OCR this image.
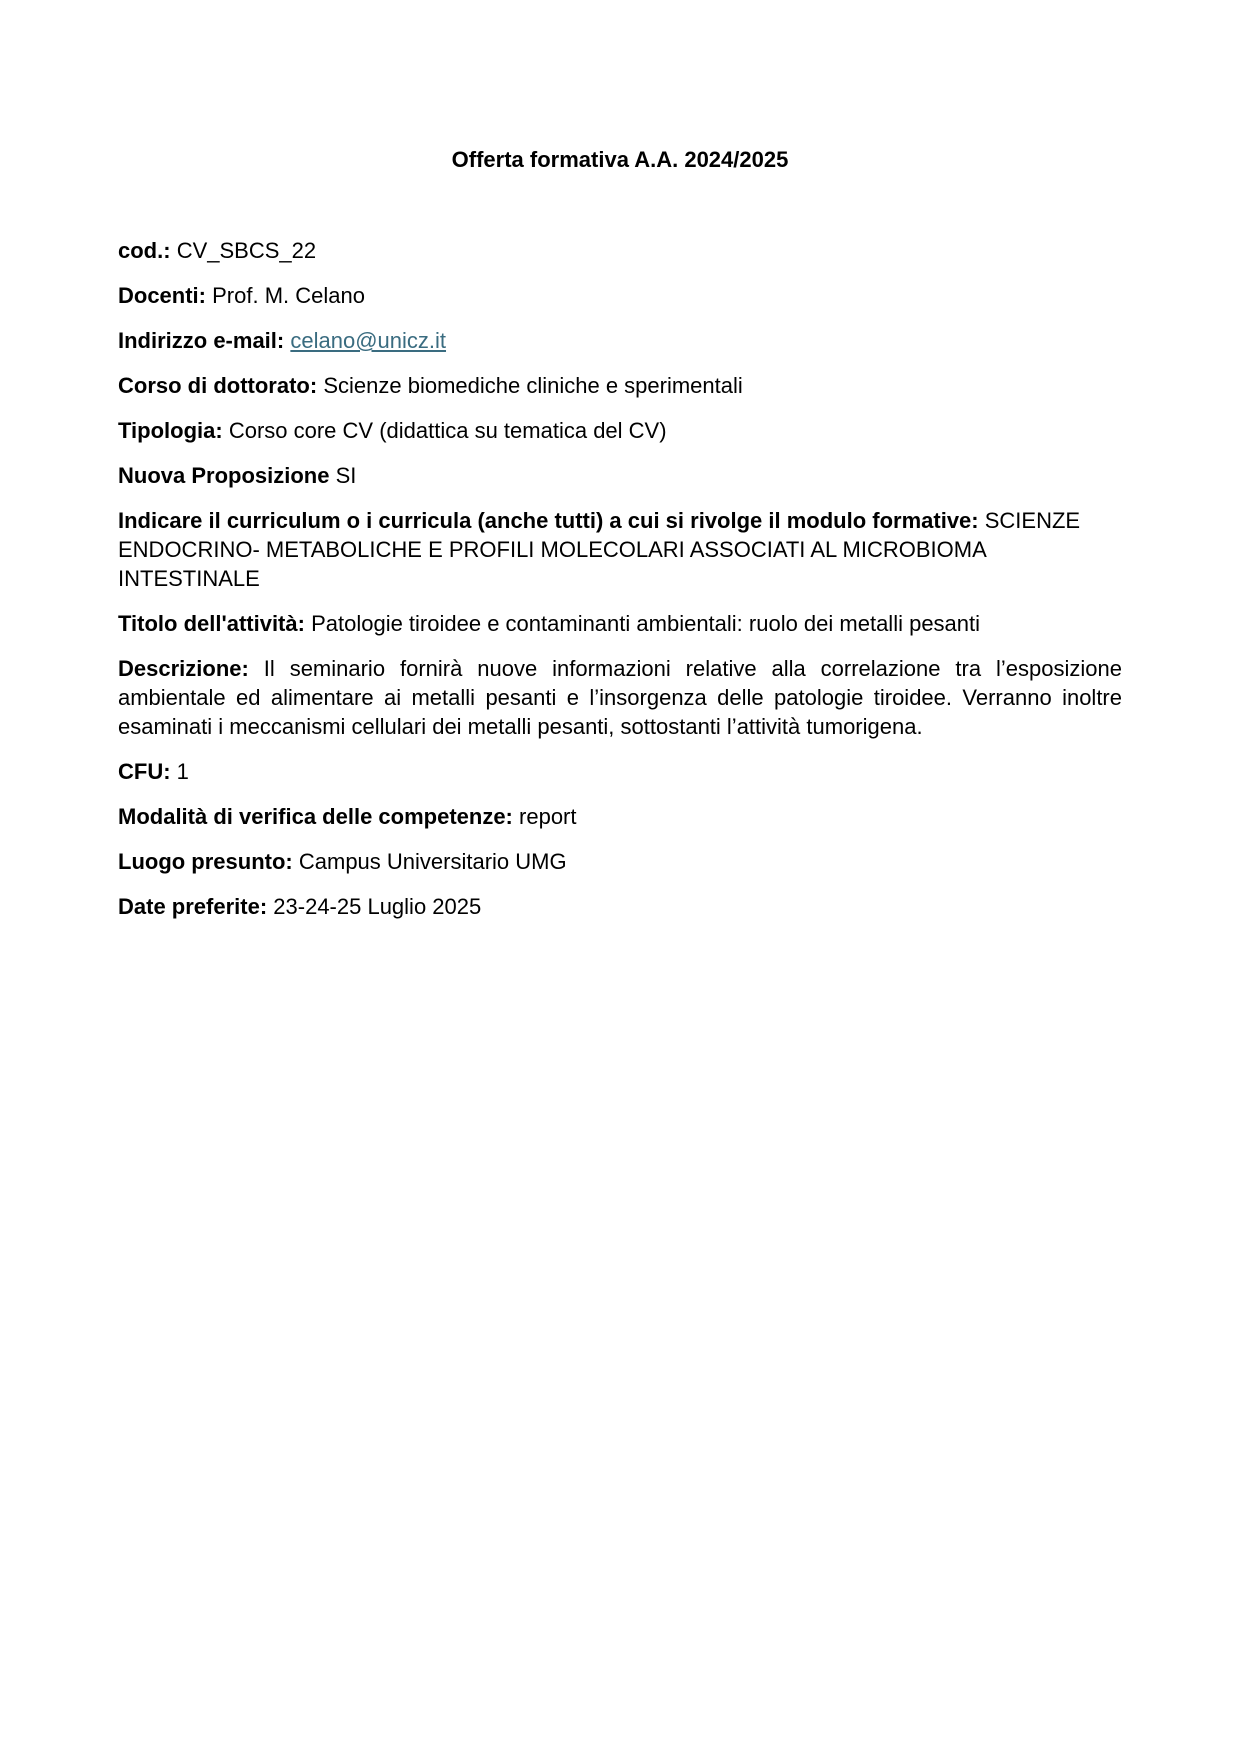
Offerta formativa A.A. 2024/2025

cod.: CV_SBCS_22

Docenti: Prof. M. Celano

Indirizzo e-mail: celano@unicz.it

Corso di dottorato: Scienze biomediche cliniche e sperimentali

Tipologia: Corso core CV (didattica su tematica del CV)

Nuova Proposizione SI

Indicare il curriculum o i curricula (anche tutti) a cui si rivolge il modulo formative: SCIENZE ENDOCRINO- METABOLICHE E PROFILI MOLECOLARI ASSOCIATI AL MICROBIOMA INTESTINALE

Titolo dell'attività: Patologie tiroidee e contaminanti ambientali: ruolo dei metalli pesanti

Descrizione: Il seminario fornirà nuove informazioni relative alla correlazione tra l’esposizione ambientale ed alimentare ai metalli pesanti e l’insorgenza delle patologie tiroidee. Verranno inoltre esaminati i meccanismi cellulari dei metalli pesanti, sottostanti l’attività tumorigena.

CFU: 1

Modalità di verifica delle competenze: report

Luogo presunto: Campus Universitario UMG

Date preferite: 23-24-25 Luglio 2025
